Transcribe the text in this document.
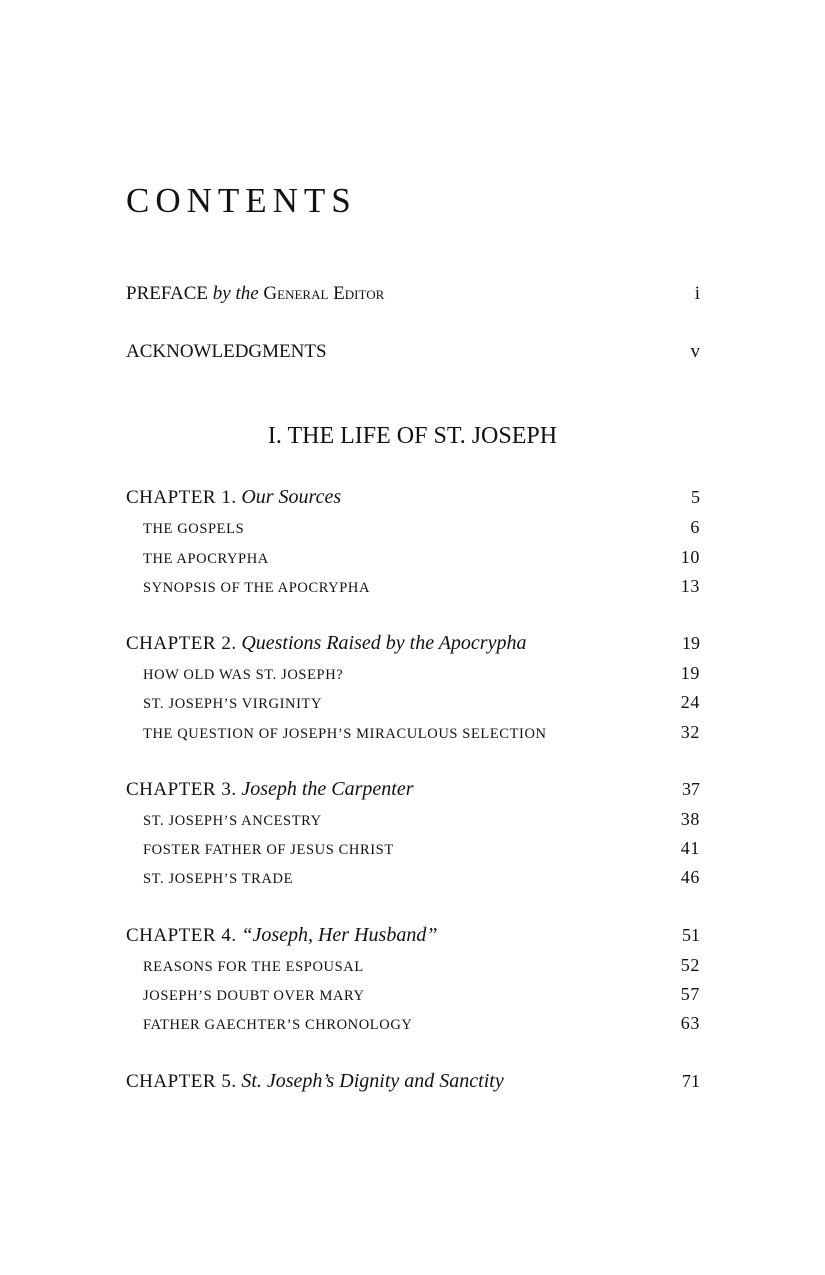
CONTENTS
PREFACE by the General Editor	i
ACKNOWLEDGMENTS	v
I. THE LIFE OF ST. JOSEPH
CHAPTER 1. Our Sources	5
THE GOSPELS	6
THE APOCRYPHA	10
SYNOPSIS OF THE APOCRYPHA	13
CHAPTER 2. Questions Raised by the Apocrypha	19
HOW OLD WAS ST. JOSEPH?	19
ST. JOSEPH’S VIRGINITY	24
THE QUESTION OF JOSEPH’S MIRACULOUS SELECTION	32
CHAPTER 3. Joseph the Carpenter	37
ST. JOSEPH’S ANCESTRY	38
FOSTER FATHER OF JESUS CHRIST	41
ST. JOSEPH’S TRADE	46
CHAPTER 4. “Joseph, Her Husband”	51
REASONS FOR THE ESPOUSAL	52
JOSEPH’S DOUBT OVER MARY	57
FATHER GAECHTER’S CHRONOLOGY	63
CHAPTER 5. St. Joseph’s Dignity and Sanctity	71
